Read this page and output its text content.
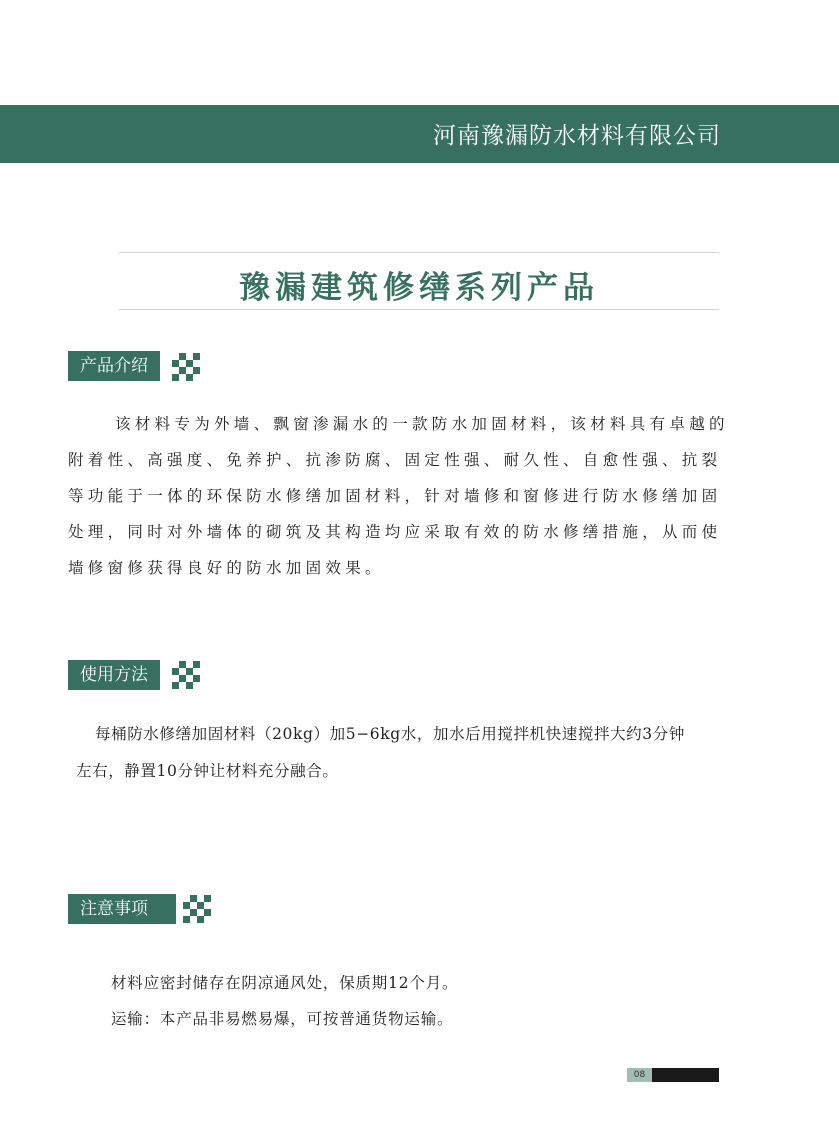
河南豫漏防水材料有限公司
豫漏建筑修缮系列产品
产品介绍

该材料专为外墙、飘窗渗漏水的一款防水加固材料，该材料具有卓越的

附着性、高强度、免养护、抗渗防腐、固定性强、耐久性、自愈性强、抗裂

等功能于一体的环保防水修缮加固材料，针对墙修和窗修进行防水修缮加固

处理，同时对外墙体的砌筑及其构造均应采取有效的防水修缮措施，从而使

墙修窗修获得良好的防水加固效果。

使用方法

每桶防水修缮加固材料（20kg）加5−6kg水，加水后用搅拌机快速搅拌大约3分钟

左右，静置10分钟让材料充分融合。

注意事项

材料应密封储存在阴凉通风处，保质期12个月。

运输：本产品非易燃易爆，可按普通货物运输。

08
